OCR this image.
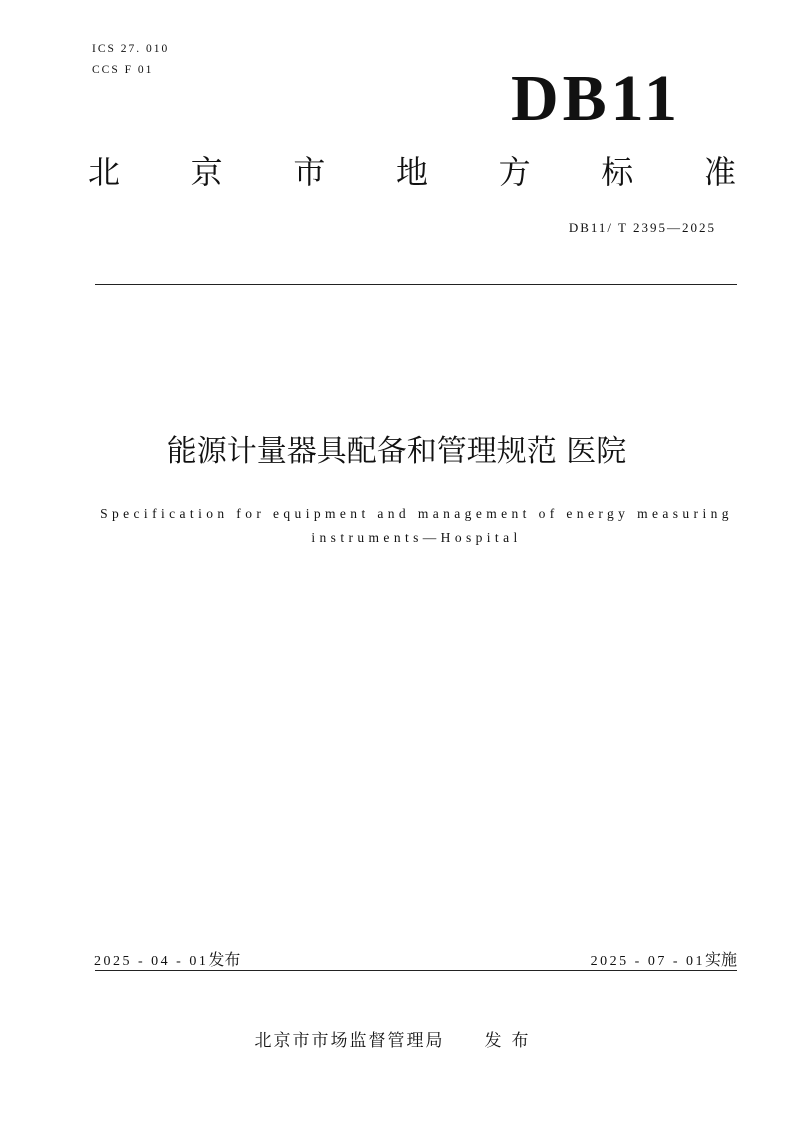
ICS 27. 010
CCS F 01	DB11
北 京 市 地 方 标 准
DB11/ T 2395—2025
能源计量器具配备和管理规范 医院
Specification for equipment and management of energy measuring
instruments—Hospital
2025 - 04 - 01发布	2025 - 07 - 01实施
北京市市场监督管理局 发布
